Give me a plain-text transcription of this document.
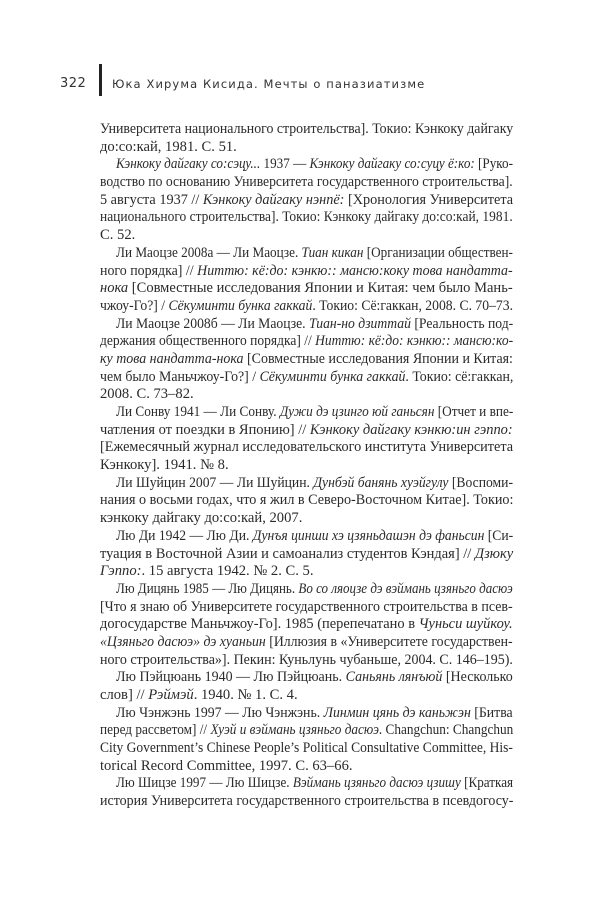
322 Юка Хирума Кисида. Мечты о паназиатизме
Университета национального строительства]. Токио: Кэнкоку дайгаку
до:со:кай, 1981. С. 51.
Кэнкоку дайгаку со:сэцу... 1937 — Кэнкоку дайгаку со:суцу ё:ко: [Руко-
водство по основанию Университета государственного строительства].
5 августа 1937 // Кэнкоку дайгаку нэнпё: [Хронология Университета
национального строительства]. Токио: Кэнкоку дайгаку до:со:кай, 1981.
С. 52.
Ли Маоцзе 2008а — Ли Маоцзе. Тиан кикан [Организации обществен-
ного порядка] // Ниттю: кё:до: кэнкю:: мансю:коку това нандатта-
нока [Совместные исследования Японии и Китая: чем было Мань-
чжоу-Го?] / Сёкуминти бунка гаккай. Токио: Сё:гаккан, 2008. С. 70–73.
Ли Маоцзе 2008б — Ли Маоцзе. Тиан-но дзиттай [Реальность под-
держания общественного порядка] // Ниттю: кё:до: кэнкю:: мансю:ко-
ку това нандатта-нока [Совместные исследования Японии и Китая:
чем было Маньчжоу-Го?] / Сёкуминти бунка гаккай. Токио: сё:гаккан,
2008. С. 73–82.
Ли Сонву 1941 — Ли Сонву. Дужи дэ цзинго юй ганьсян [Отчет и впе-
чатления от поездки в Японию] // Кэнкоку дайгаку кэнкю:ин гэппо:
[Ежемесячный журнал исследовательского института Университета
Кэнкоку]. 1941. № 8.
Ли Шуйцин 2007 — Ли Шуйцин. Дунбэй банянь хуэйгулу [Воспоми-
нания о восьми годах, что я жил в Северо-Восточном Китае]. Токио:
кэнкоку дайгаку до:со:кай, 2007.
Лю Ди 1942 — Лю Ди. Дунъя цинши хэ цзяньдашэн дэ фаньсин [Си-
туация в Восточной Азии и самоанализ студентов Кэндая] // Дзюку
Гэппо:. 15 августа 1942. № 2. С. 5.
Лю Дицянь 1985 — Лю Дицянь. Во со ляоцзе дэ вэймань цзяньго дасюэ
[Что я знаю об Университете государственного строительства в псев-
догосударстве Маньчжоу-Го]. 1985 (перепечатано в Чуньси шуйкоу.
«Цзяньго дасюэ» дэ хуаньин [Иллюзия в «Университете государствен-
ного строительства»]. Пекин: Куньлунь чубаньше, 2004. С. 146–195).
Лю Пэйцюань 1940 — Лю Пэйцюань. Саньянь лянъюй [Несколько
слов] // Рэймэй. 1940. № 1. С. 4.
Лю Чэнжэнь 1997 — Лю Чэнжэнь. Линмин цянь дэ каньжэн [Битва
перед рассветом] // Хуэй и вэймань цзяньго дасюэ. Changchun: Changchun
City Government’s Chinese People’s Political Consultative Committee, His-
torical Record Committee, 1997. С. 63–66.
Лю Шицзе 1997 — Лю Шицзе. Вэймань цзяньго дасюэ цзишу [Краткая
история Университета государственного строительства в псевдогосу-
